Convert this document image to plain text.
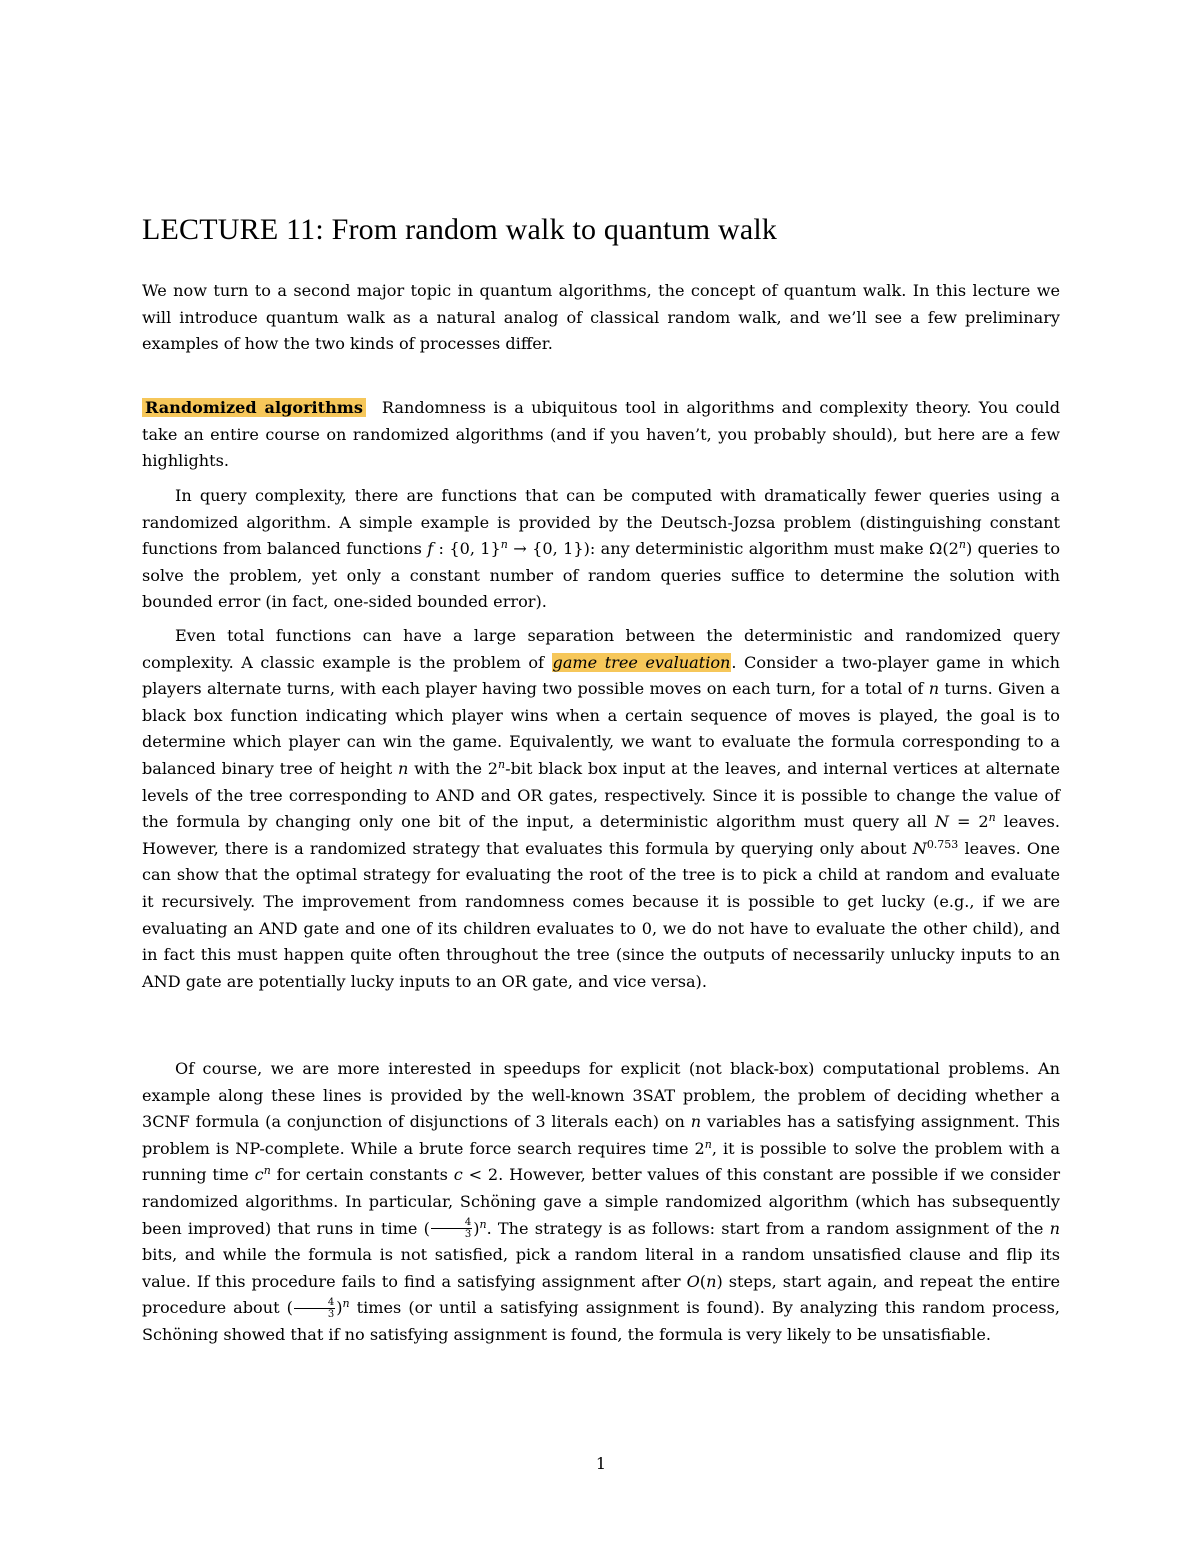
LECTURE 11: From random walk to quantum walk

We now turn to a second major topic in quantum algorithms, the concept of quantum walk. In this lecture we will introduce quantum walk as a natural analog of classical random walk, and we’ll see a few preliminary examples of how the two kinds of processes differ.

Randomized algorithms Randomness is a ubiquitous tool in algorithms and complexity theory. You could take an entire course on randomized algorithms (and if you haven’t, you probably should), but here are a few highlights.

In query complexity, there are functions that can be computed with dramatically fewer queries using a randomized algorithm. A simple example is provided by the Deutsch-Jozsa problem (distinguishing constant functions from balanced functions f : {0, 1}$^n$ → {0, 1}): any deterministic algorithm must make Ω(2$^n$) queries to solve the problem, yet only a constant number of random queries suffice to determine the solution with bounded error (in fact, one-sided bounded error).

Even total functions can have a large separation between the deterministic and randomized query complexity. A classic example is the problem of game tree evaluation. Consider a two-player game in which players alternate turns, with each player having two possible moves on each turn, for a total of n turns. Given a black box function indicating which player wins when a certain sequence of moves is played, the goal is to determine which player can win the game. Equivalently, we want to evaluate the formula corresponding to a balanced binary tree of height n with the 2$^n$-bit black box input at the leaves, and internal vertices at alternate levels of the tree corresponding to AND and OR gates, respectively. Since it is possible to change the value of the formula by changing only one bit of the input, a deterministic algorithm must query all $N = 2^n$ leaves. However, there is a randomized strategy that evaluates this formula by querying only about $N^{0.753}$ leaves. One can show that the optimal strategy for evaluating the root of the tree is to pick a child at random and evaluate it recursively. The improvement from randomness comes because it is possible to get lucky (e.g., if we are evaluating an AND gate and one of its children evaluates to 0, we do not have to evaluate the other child), and in fact this must happen quite often throughout the tree (since the outputs of necessarily unlucky inputs to an AND gate are potentially lucky inputs to an OR gate, and vice versa).

Of course, we are more interested in speedups for explicit (not black-box) computational problems. An example along these lines is provided by the well-known 3SAT problem, the problem of deciding whether a 3CNF formula (a conjunction of disjunctions of 3 literals each) on n variables has a satisfying assignment. This problem is NP-complete. While a brute force search requires time 2$^n$, it is possible to solve the problem with a running time $c^n$ for certain constants c < 2. However, better values of this constant are possible if we consider randomized algorithms. In particular, Schöning gave a simple randomized algorithm (which has subsequently been improved) that runs in time ( $\frac{4}{3} )^n$. The strategy is as follows: start from a random assignment of the n bits, and while the formula is not satisfied, pick a random literal in a random unsatisfied clause and flip its value. If this procedure fails to find a satisfying assignment after O(n) steps, start again, and repeat the entire procedure about ( $\frac{4}{3} )^n$ times (or until a satisfying assignment is found). By analyzing this random process, Schöning showed that if no satisfying assignment is found, the formula is very likely to be unsatisfiable.

1
